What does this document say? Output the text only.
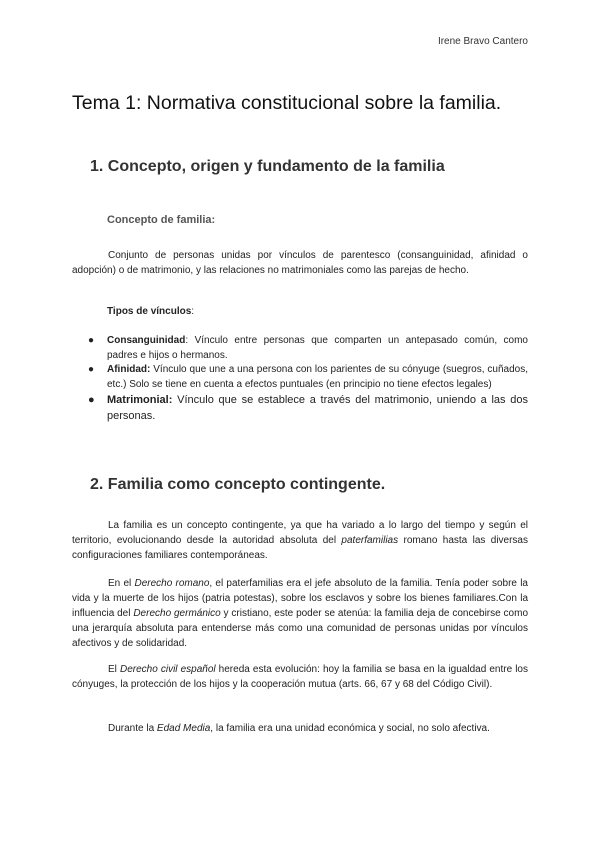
Irene Bravo Cantero
Tema 1: Normativa constitucional sobre la familia.
1. Concepto, origen y fundamento de la familia
Concepto de familia:

Conjunto de personas unidas por vínculos de parentesco (consanguinidad, afinidad o adopción) o de matrimonio, y las relaciones no matrimoniales como las parejas de hecho.

Tipos de vínculos:

● Consanguinidad: Vínculo entre personas que comparten un antepasado común, como padres e hijos o hermanos.
● Afinidad: Vínculo que une a una persona con los parientes de su cónyuge (suegros, cuñados, etc.) Solo se tiene en cuenta a efectos puntuales (en principio no tiene efectos legales)
● Matrimonial: Vínculo que se establece a través del matrimonio, uniendo a las dos personas.
2. Familia como concepto contingente.

La familia es un concepto contingente, ya que ha variado a lo largo del tiempo y según el territorio, evolucionando desde la autoridad absoluta del paterfamilias romano hasta las diversas configuraciones familiares contemporáneas.

En el Derecho romano, el paterfamilias era el jefe absoluto de la familia. Tenía poder sobre la vida y la muerte de los hijos (patria potestas), sobre los esclavos y sobre los bienes familiares.Con la influencia del Derecho germánico y cristiano, este poder se atenúa: la familia deja de concebirse como una jerarquía absoluta para entenderse más como una comunidad de personas unidas por vínculos afectivos y de solidaridad.

El Derecho civil español hereda esta evolución: hoy la familia se basa en la igualdad entre los cónyuges, la protección de los hijos y la cooperación mutua (arts. 66, 67 y 68 del Código Civil).

Durante la Edad Media, la familia era una unidad económica y social, no solo afectiva.
